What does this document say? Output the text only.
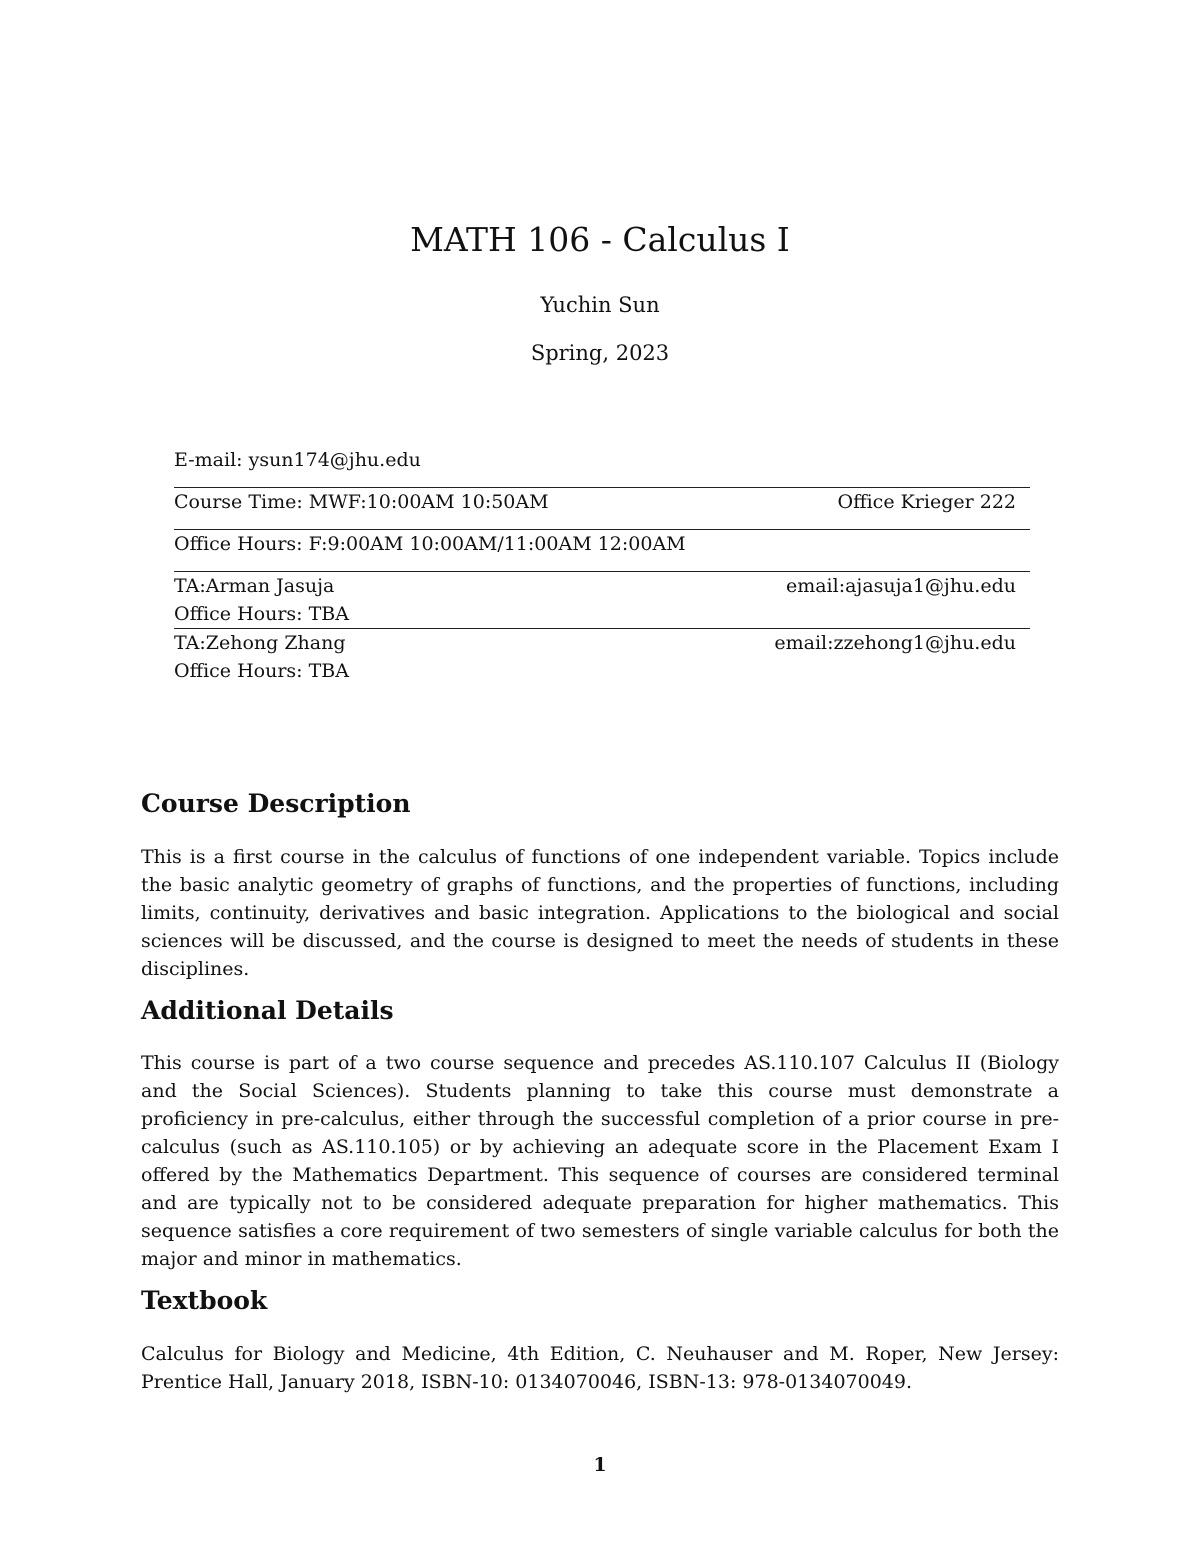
MATH 106 - Calculus I
Yuchin Sun
Spring, 2023
E-mail: ysun174@jhu.edu
Course Time: MWF:10:00AM 10:50AM	Office Krieger 222
Office Hours: F:9:00AM 10:00AM/11:00AM 12:00AM
TA:Arman Jasuja	email:ajasuja1@jhu.edu
Office Hours: TBA
TA:Zehong Zhang	email:zzehong1@jhu.edu
Office Hours: TBA
Course Description
This is a first course in the calculus of functions of one independent variable. Topics include the basic analytic geometry of graphs of functions, and the properties of functions, including limits, continuity, derivatives and basic integration. Applications to the biological and social sciences will be discussed, and the course is designed to meet the needs of students in these disciplines.
Additional Details
This course is part of a two course sequence and precedes AS.110.107 Calculus II (Biology and the Social Sciences). Students planning to take this course must demonstrate a proficiency in pre-calculus, either through the successful completion of a prior course in pre-calculus (such as AS.110.105) or by achieving an adequate score in the Placement Exam I offered by the Mathematics Department. This sequence of courses are considered terminal and are typically not to be considered adequate preparation for higher mathematics. This sequence satisfies a core requirement of two semesters of single variable calculus for both the major and minor in mathematics.
Textbook
Calculus for Biology and Medicine, 4th Edition, C. Neuhauser and M. Roper, New Jersey: Prentice Hall, January 2018, ISBN-10: 0134070046, ISBN-13: 978-0134070049.
1
